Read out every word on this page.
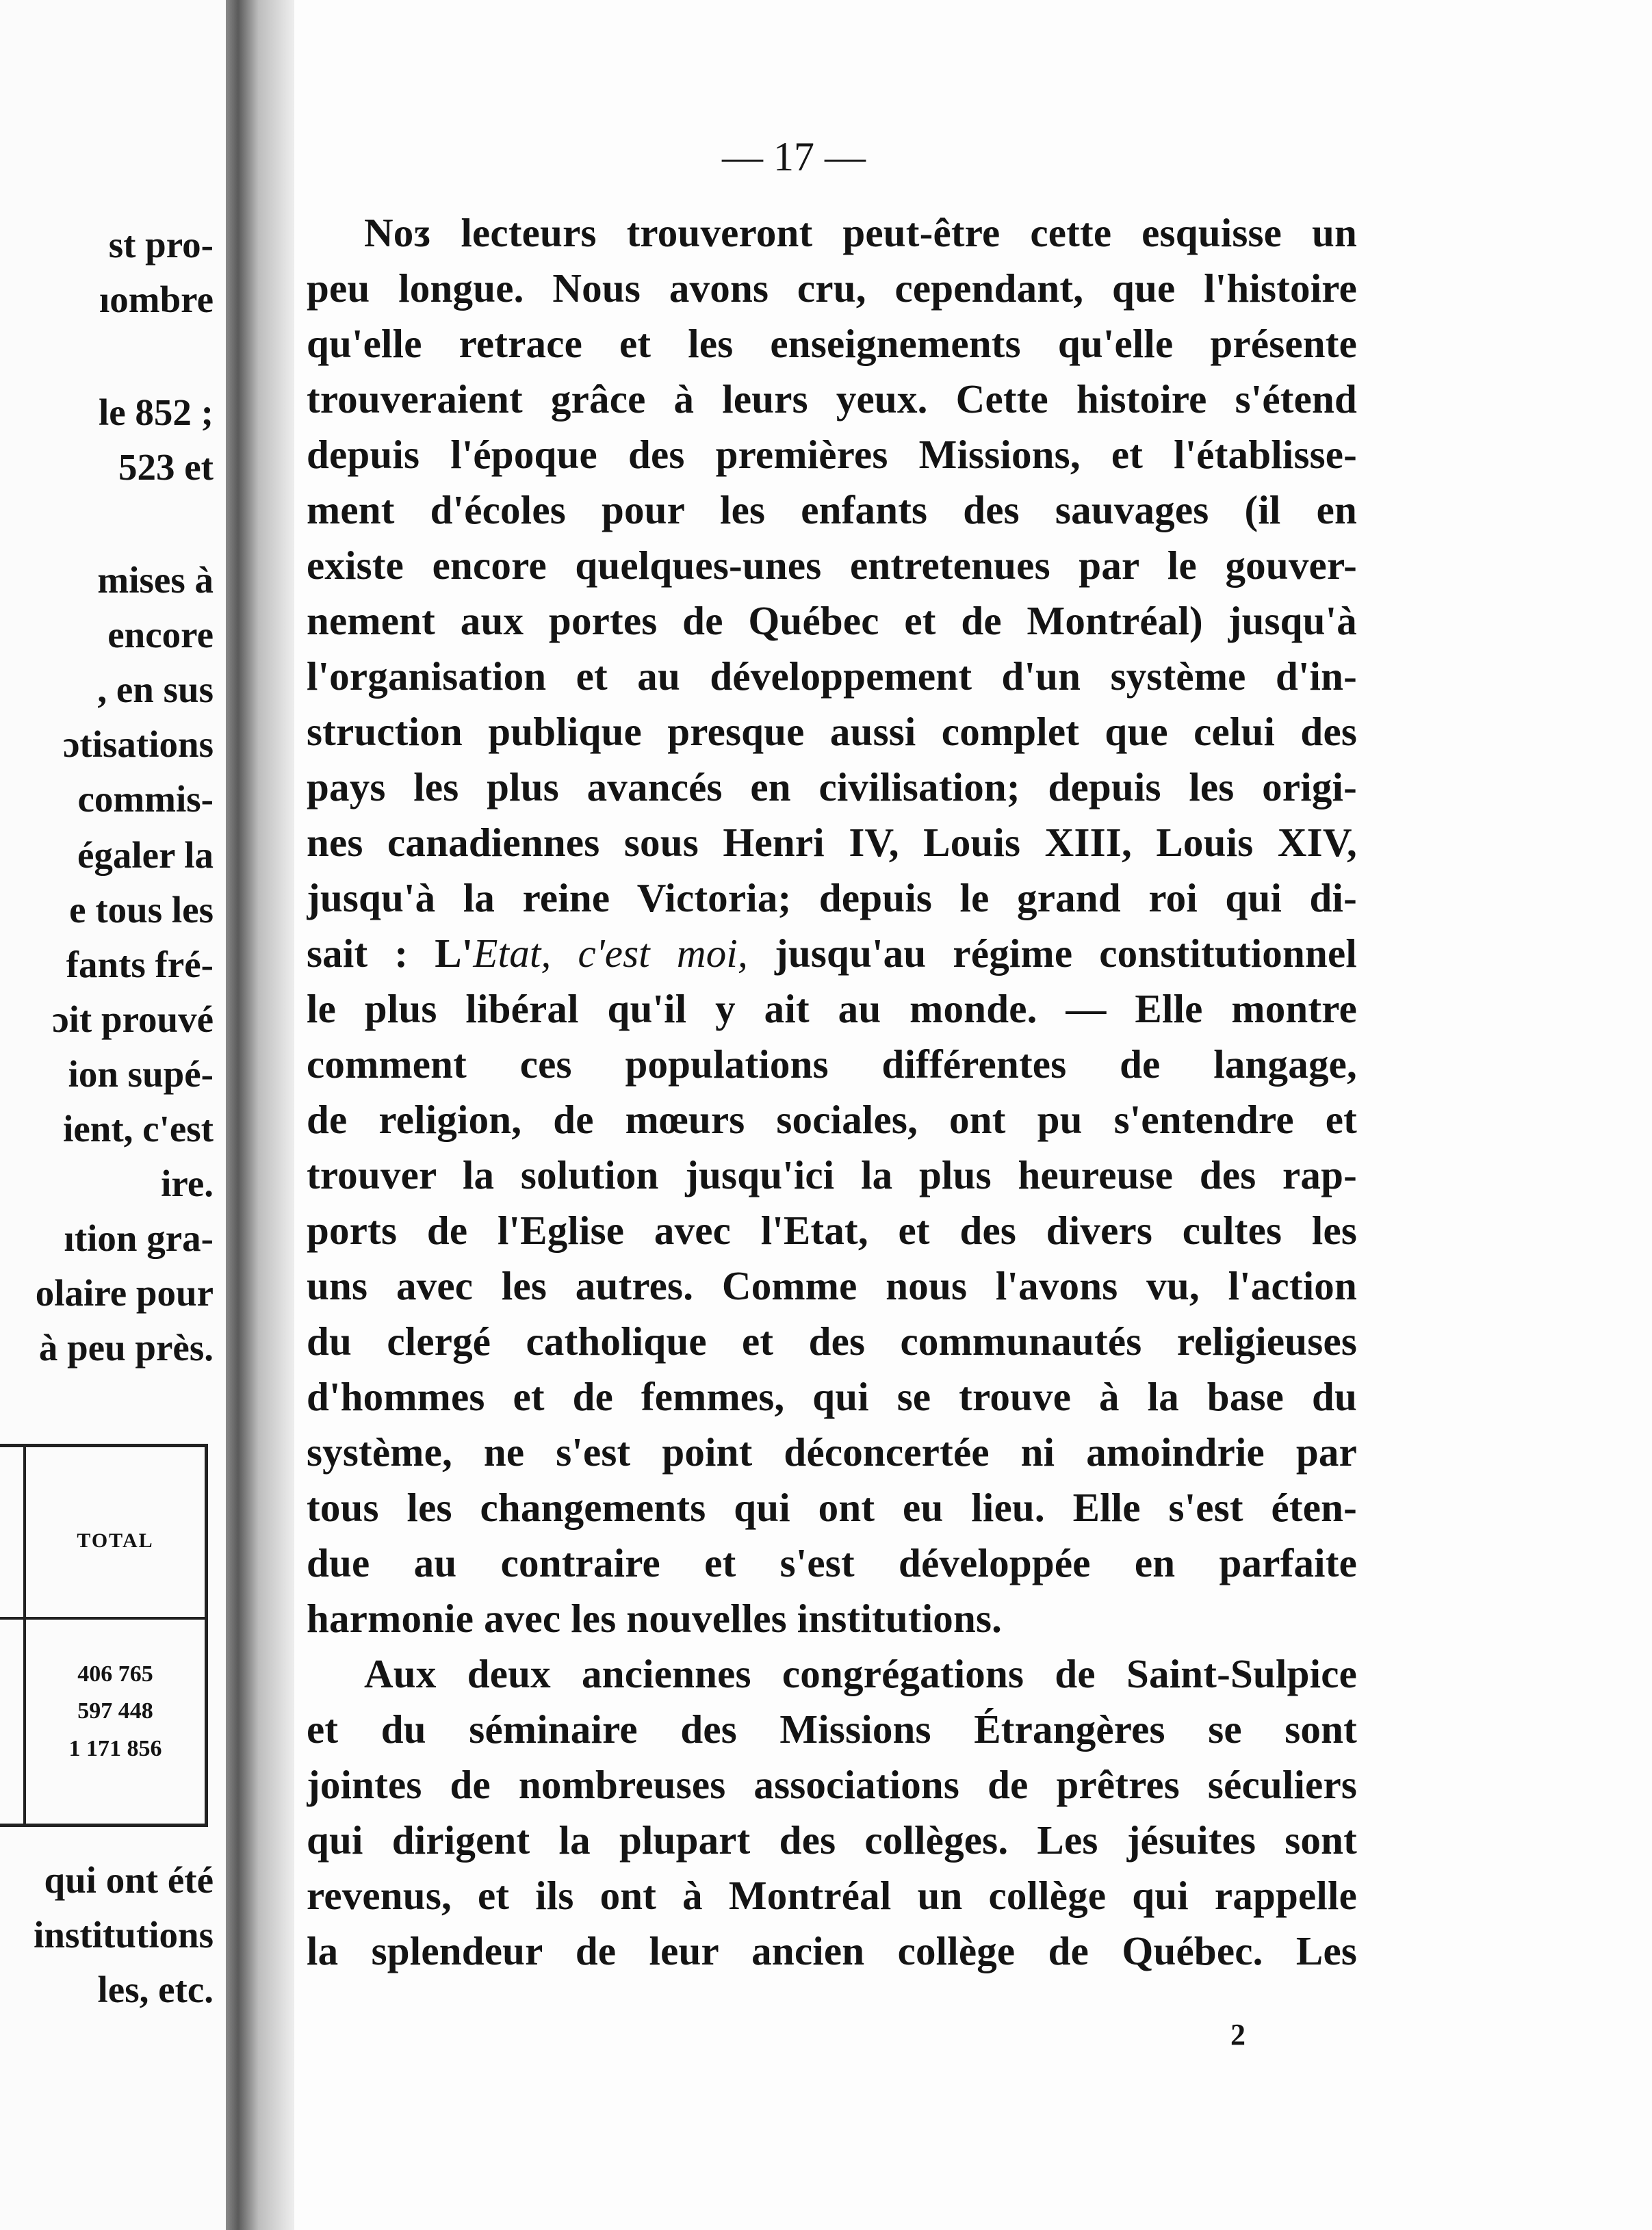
st pro-
ıombre
le 852 ;
523 et
mises à
encore
, en sus
ɔtisations
commis-
égaler la
e tous les
fants fré-
ɔit prouvé
ion supé-
ient, c'est
ire.
ıtion gra-
olaire pour
à peu près.
TOTAL
406 765
597 448
1 171 856
qui ont été
institutions
les, etc.
— 17 —
Noᴣ lecteurs trouveront peut-être cette esquisse un
peu longue. Nous avons cru, cependant, que l'histoire
qu'elle retrace et les enseignements qu'elle présente
trouveraient grâce à leurs yeux. Cette histoire s'étend
depuis l'époque des premières Missions, et l'établisse-
ment d'écoles pour les enfants des sauvages (il en
existe encore quelques-unes entretenues par le gouver-
nement aux portes de Québec et de Montréal) jusqu'à
l'organisation et au développement d'un système d'in-
struction publique presque aussi complet que celui des
pays les plus avancés en civilisation; depuis les origi-
nes canadiennes sous Henri IV, Louis XIII, Louis XIV,
jusqu'à la reine Victoria; depuis le grand roi qui di-
sait : L'Etat, c'est moi, jusqu'au régime constitutionnel
le plus libéral qu'il y ait au monde. — Elle montre
comment ces populations différentes de langage,
de religion, de mœurs sociales, ont pu s'entendre et
trouver la solution jusqu'ici la plus heureuse des rap-
ports de l'Eglise avec l'Etat, et des divers cultes les
uns avec les autres. Comme nous l'avons vu, l'action
du clergé catholique et des communautés religieuses
d'hommes et de femmes, qui se trouve à la base du
système, ne s'est point déconcertée ni amoindrie par
tous les changements qui ont eu lieu. Elle s'est éten-
due au contraire et s'est développée en parfaite
harmonie avec les nouvelles institutions.
Aux deux anciennes congrégations de Saint-Sulpice
et du séminaire des Missions Étrangères se sont
jointes de nombreuses associations de prêtres séculiers
qui dirigent la plupart des collèges. Les jésuites sont
revenus, et ils ont à Montréal un collège qui rappelle
la splendeur de leur ancien collège de Québec. Les
2
